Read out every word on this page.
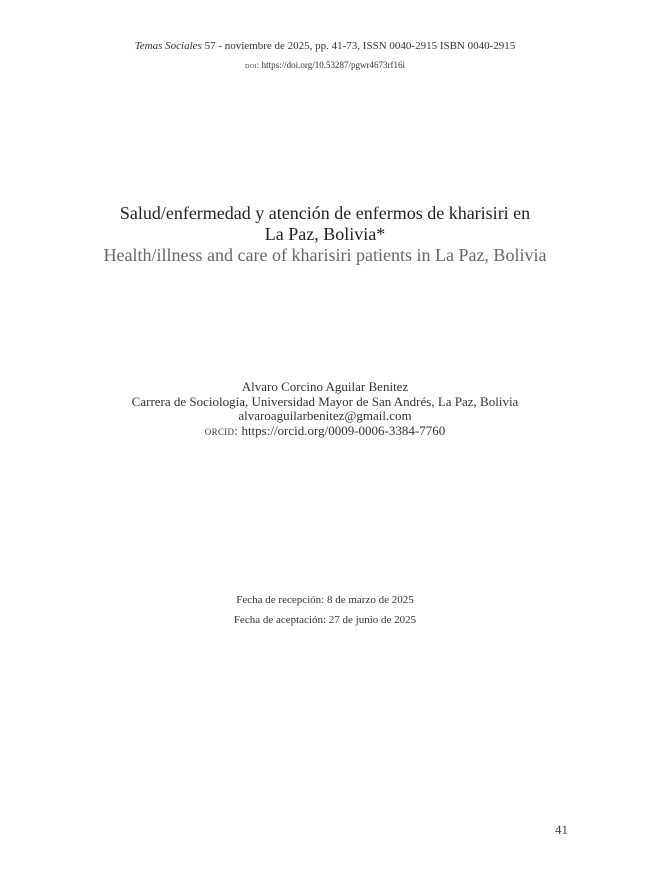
Temas Sociales 57 - noviembre de 2025, pp. 41-73, ISSN 0040-2915 ISBN 0040-2915
doi: https://doi.org/10.53287/pgwr4673rf16i
Salud/enfermedad y atención de enfermos de kharisiri en
La Paz, Bolivia*
Health/illness and care of kharisiri patients in La Paz, Bolivia
Alvaro Corcino Aguilar Benitez
Carrera de Sociología, Universidad Mayor de San Andrés, La Paz, Bolivia
alvaroaguilarbenitez@gmail.com
orcid: https://orcid.org/0009-0006-3384-7760
Fecha de recepción: 8 de marzo de 2025
Fecha de aceptación: 27 de junio de 2025
41
